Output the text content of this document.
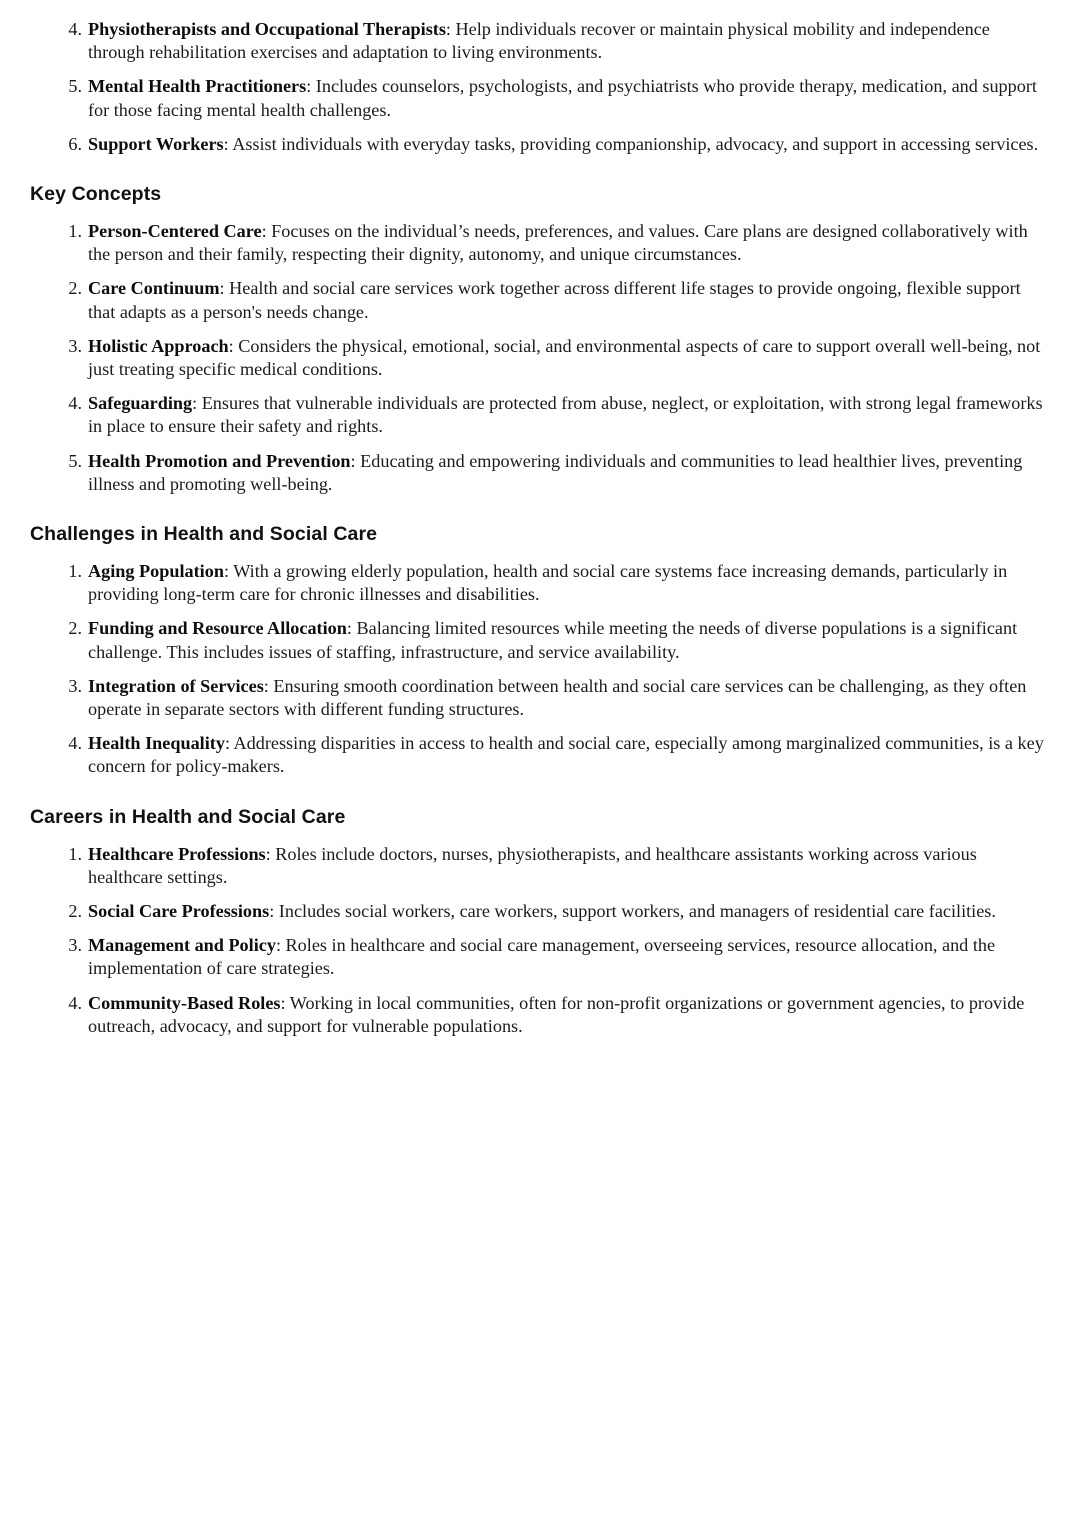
4. Physiotherapists and Occupational Therapists: Help individuals recover or maintain physical mobility and independence through rehabilitation exercises and adaptation to living environments.
5. Mental Health Practitioners: Includes counselors, psychologists, and psychiatrists who provide therapy, medication, and support for those facing mental health challenges.
6. Support Workers: Assist individuals with everyday tasks, providing companionship, advocacy, and support in accessing services.
Key Concepts
1. Person-Centered Care: Focuses on the individual’s needs, preferences, and values. Care plans are designed collaboratively with the person and their family, respecting their dignity, autonomy, and unique circumstances.
2. Care Continuum: Health and social care services work together across different life stages to provide ongoing, flexible support that adapts as a person's needs change.
3. Holistic Approach: Considers the physical, emotional, social, and environmental aspects of care to support overall well-being, not just treating specific medical conditions.
4. Safeguarding: Ensures that vulnerable individuals are protected from abuse, neglect, or exploitation, with strong legal frameworks in place to ensure their safety and rights.
5. Health Promotion and Prevention: Educating and empowering individuals and communities to lead healthier lives, preventing illness and promoting well-being.
Challenges in Health and Social Care
1. Aging Population: With a growing elderly population, health and social care systems face increasing demands, particularly in providing long-term care for chronic illnesses and disabilities.
2. Funding and Resource Allocation: Balancing limited resources while meeting the needs of diverse populations is a significant challenge. This includes issues of staffing, infrastructure, and service availability.
3. Integration of Services: Ensuring smooth coordination between health and social care services can be challenging, as they often operate in separate sectors with different funding structures.
4. Health Inequality: Addressing disparities in access to health and social care, especially among marginalized communities, is a key concern for policy-makers.
Careers in Health and Social Care
1. Healthcare Professions: Roles include doctors, nurses, physiotherapists, and healthcare assistants working across various healthcare settings.
2. Social Care Professions: Includes social workers, care workers, support workers, and managers of residential care facilities.
3. Management and Policy: Roles in healthcare and social care management, overseeing services, resource allocation, and the implementation of care strategies.
4. Community-Based Roles: Working in local communities, often for non-profit organizations or government agencies, to provide outreach, advocacy, and support for vulnerable populations.
